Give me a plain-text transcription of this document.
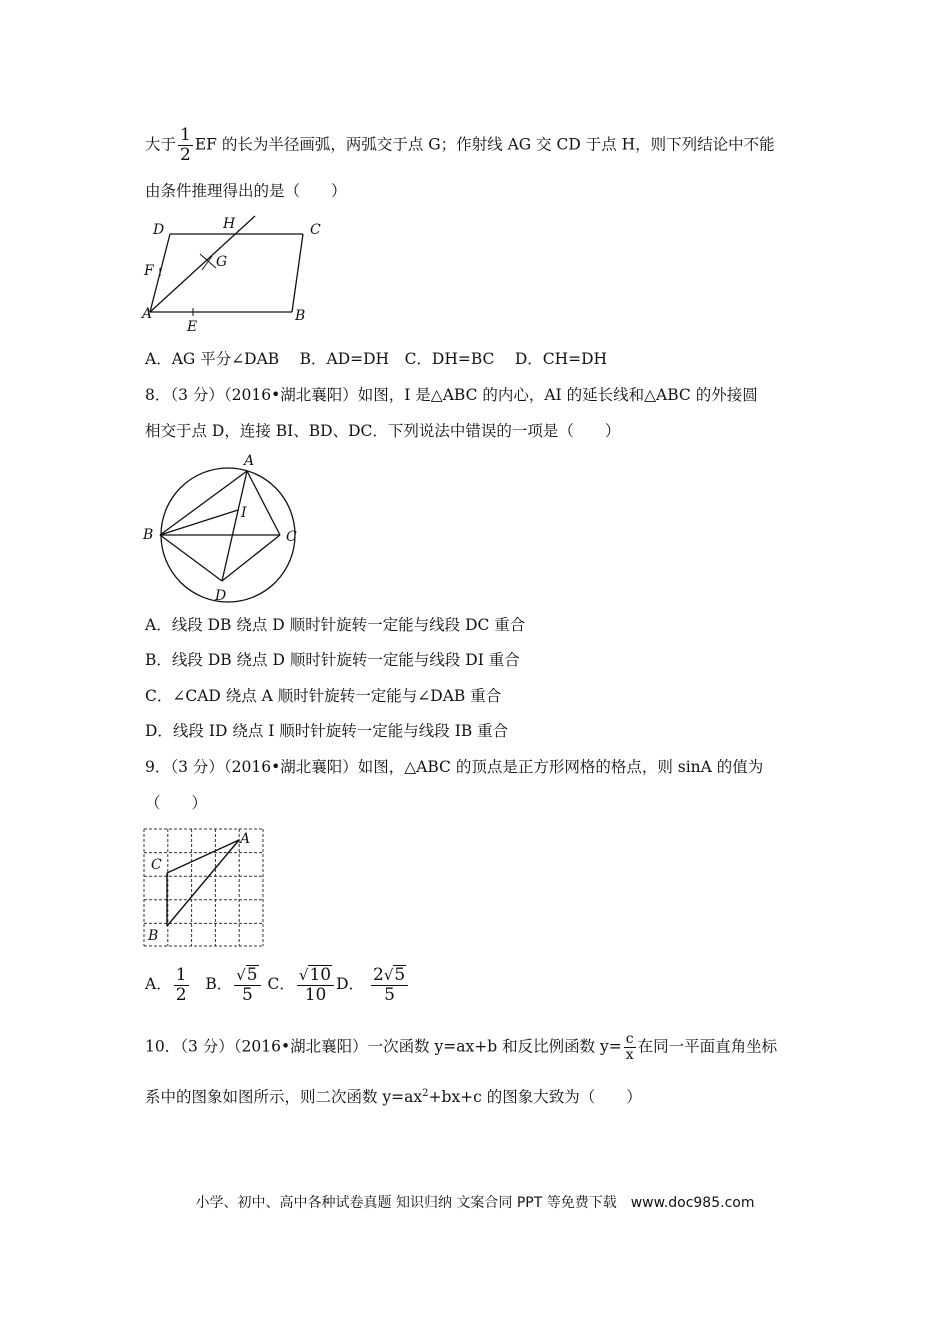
大于 $\frac{1}{2}$ EF 的长为半径画弧，两弧交于点 G；作射线 AG 交 CD 于点 H，则下列结论中不能
由条件推理得出的是（　　）
D	H	C
F
G
A
E
B
A．AG 平分∠DAB　 B．AD=DH　C．DH=BC　 D．CH=DH
8．（3 分）（2016•湖北襄阳）如图，I 是△ABC 的内心，AI 的延长线和△ABC 的外接圆
相交于点 D，连接 BI、BD、DC．下列说法中错误的一项是（　　）
A
B	C
D
I
A．线段 DB 绕点 D 顺时针旋转一定能与线段 DC 重合
B．线段 DB 绕点 D 顺时针旋转一定能与线段 DI 重合
C．∠CAD 绕点 A 顺时针旋转一定能与∠DAB 重合
D．线段 ID 绕点 I 顺时针旋转一定能与线段 IB 重合
9．（3 分）（2016•湖北襄阳）如图，△ABC 的顶点是正方形网格的格点，则 sinA 的值为
（　　）
A
C
B
A． $\frac{1}{2}$ B． $\frac{√5}{5}$ C． $\frac{√10}{10}$ D． $\frac{2√5}{5}$
10．（3 分）（2016•湖北襄阳）一次函数 y=ax+b 和反比例函数 $y= \frac{c}{x}$ 在同一平面直角坐标
系中的图象如图所示，则二次函数 $y=ax^2+bx+c$ 的图象大致为（　　）
小学、初中、高中各种试卷真题 知识归纳 文案合同 PPT 等免费下载　www.doc985.com
